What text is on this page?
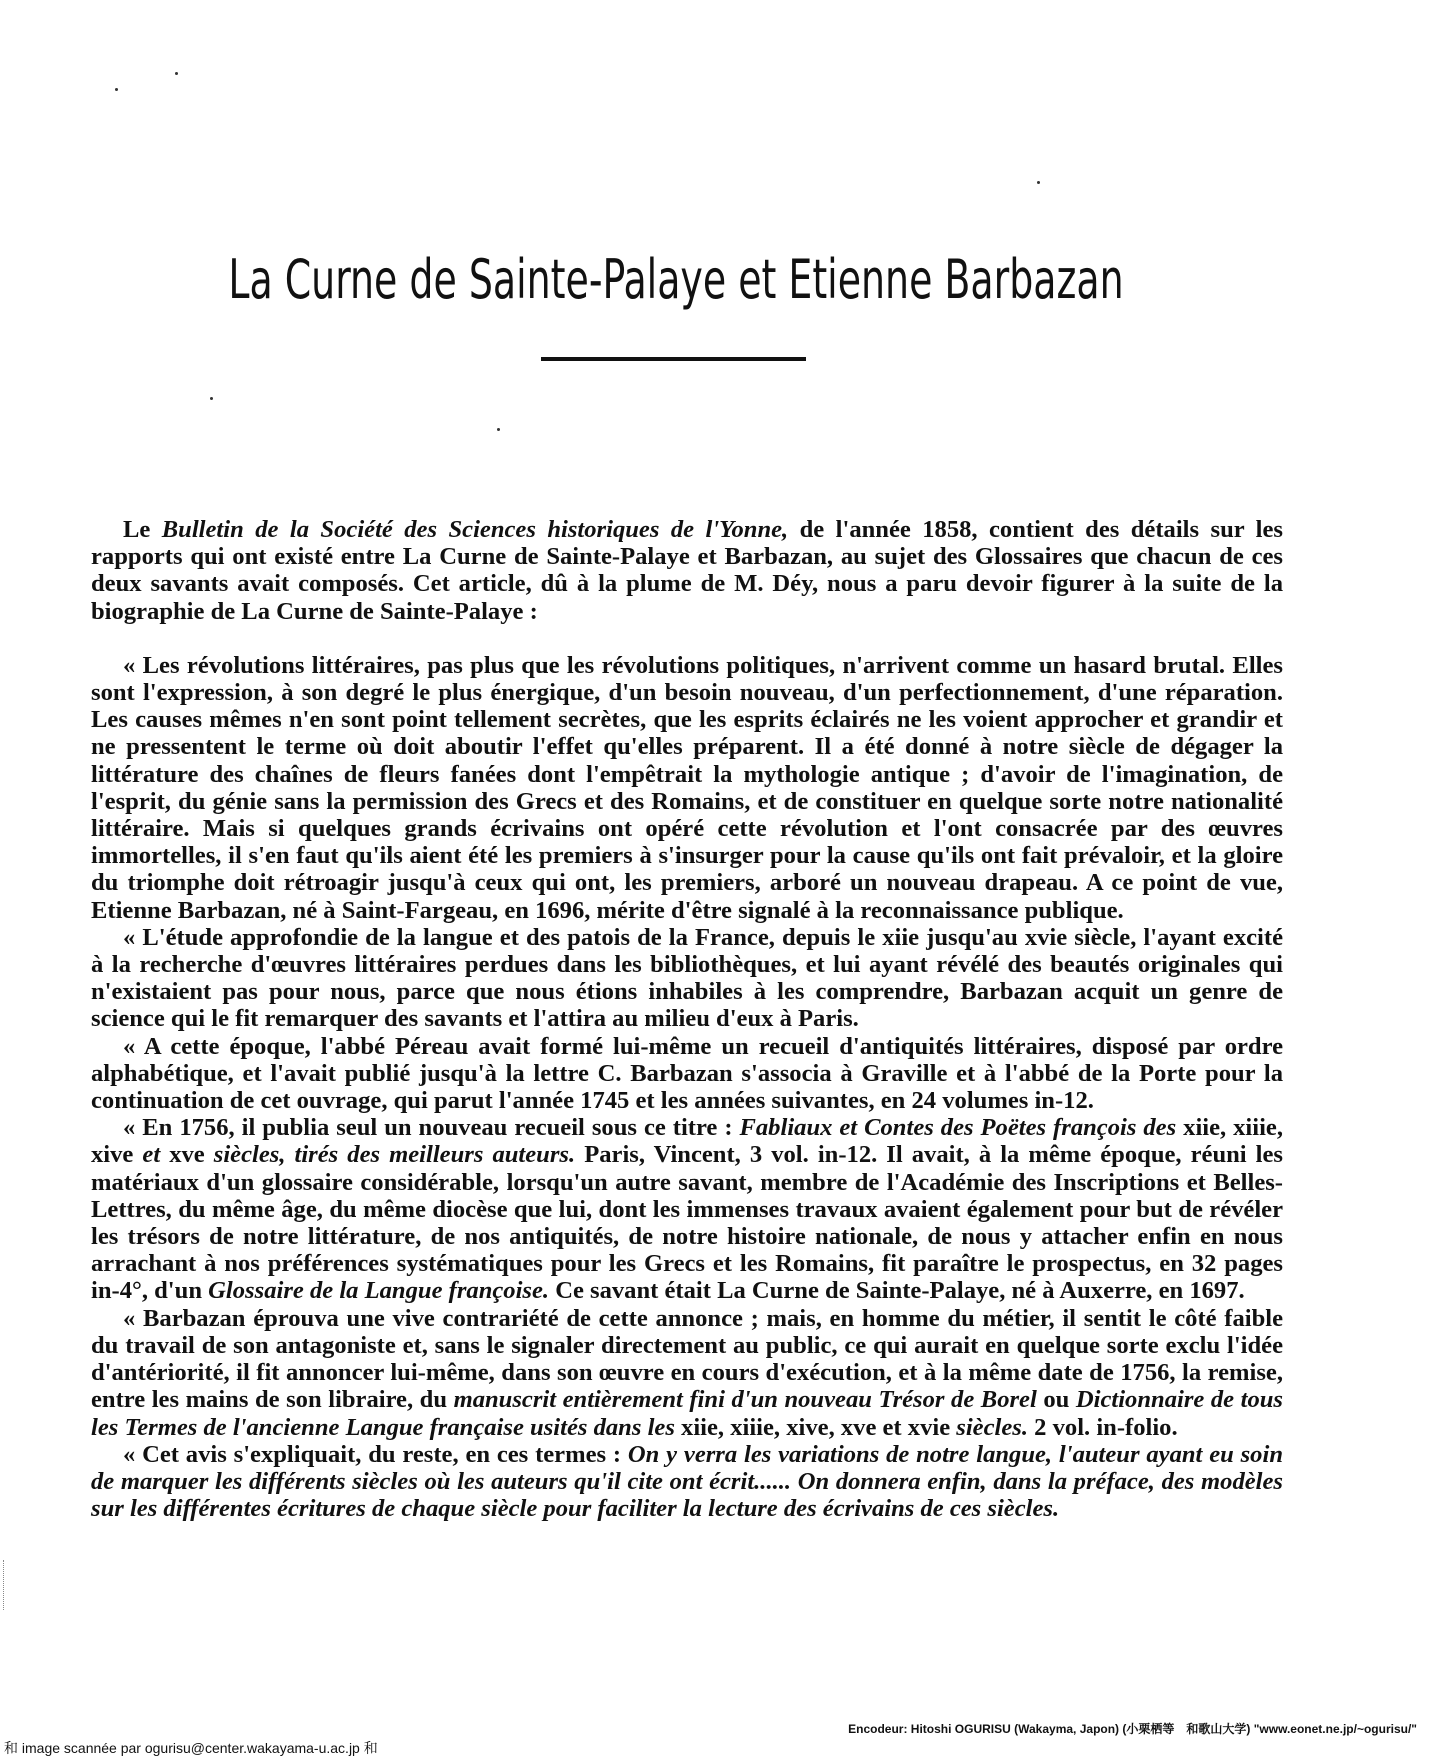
La Curne de Sainte-Palaye et Etienne Barbazan

Le Bulletin de la Société des Sciences historiques de l'Yonne, de l'année 1858, contient des détails sur les rapports qui ont existé entre La Curne de Sainte-Palaye et Barbazan, au sujet des Glossaires que chacun de ces deux savants avait composés. Cet article, dû à la plume de M. Déy, nous a paru devoir figurer à la suite de la biographie de La Curne de Sainte-Palaye :

« Les révolutions littéraires, pas plus que les révolutions politiques, n'arrivent comme un hasard brutal. Elles sont l'expression, à son degré le plus énergique, d'un besoin nouveau, d'un perfectionnement, d'une réparation. Les causes mêmes n'en sont point tellement secrètes, que les esprits éclairés ne les voient approcher et grandir et ne pressentent le terme où doit aboutir l'effet qu'elles préparent. Il a été donné à notre siècle de dégager la littérature des chaînes de fleurs fanées dont l'empêtrait la mythologie antique ; d'avoir de l'imagination, de l'esprit, du génie sans la permission des Grecs et des Romains, et de constituer en quelque sorte notre nationalité littéraire. Mais si quelques grands écrivains ont opéré cette révolution et l'ont consacrée par des œuvres immortelles, il s'en faut qu'ils aient été les premiers à s'insurger pour la cause qu'ils ont fait prévaloir, et la gloire du triomphe doit rétroagir jusqu'à ceux qui ont, les premiers, arboré un nouveau drapeau. A ce point de vue, Etienne Barbazan, né à Saint-Fargeau, en 1696, mérite d'être signalé à la reconnaissance publique.

« L'étude approfondie de la langue et des patois de la France, depuis le xiie jusqu'au xvie siècle, l'ayant excité à la recherche d'œuvres littéraires perdues dans les bibliothèques, et lui ayant révélé des beautés originales qui n'existaient pas pour nous, parce que nous étions inhabiles à les comprendre, Barbazan acquit un genre de science qui le fit remarquer des savants et l'attira au milieu d'eux à Paris.

« A cette époque, l'abbé Péreau avait formé lui-même un recueil d'antiquités littéraires, disposé par ordre alphabétique, et l'avait publié jusqu'à la lettre C. Barbazan s'associa à Graville et à l'abbé de la Porte pour la continuation de cet ouvrage, qui parut l'année 1745 et les années suivantes, en 24 volumes in-12.

« En 1756, il publia seul un nouveau recueil sous ce titre : Fabliaux et Contes des Poëtes françois des xiie, xiiie, xive et xve siècles, tirés des meilleurs auteurs. Paris, Vincent, 3 vol. in-12. Il avait, à la même époque, réuni les matériaux d'un glossaire considérable, lorsqu'un autre savant, membre de l'Académie des Inscriptions et Belles-Lettres, du même âge, du même diocèse que lui, dont les immenses travaux avaient également pour but de révéler les trésors de notre littérature, de nos antiquités, de notre histoire nationale, de nous y attacher enfin en nous arrachant à nos préférences systématiques pour les Grecs et les Romains, fit paraître le prospectus, en 32 pages in-4°, d'un Glossaire de la Langue françoise. Ce savant était La Curne de Sainte-Palaye, né à Auxerre, en 1697.

« Barbazan éprouva une vive contrariété de cette annonce ; mais, en homme du métier, il sentit le côté faible du travail de son antagoniste et, sans le signaler directement au public, ce qui aurait en quelque sorte exclu l'idée d'antériorité, il fit annoncer lui-même, dans son œuvre en cours d'exécution, et à la même date de 1756, la remise, entre les mains de son libraire, du manuscrit entièrement fini d'un nouveau Trésor de Borel ou Dictionnaire de tous les Termes de l'ancienne Langue française usités dans les xiie, xiiie, xive, xve et xvie siècles. 2 vol. in-folio.

« Cet avis s'expliquait, du reste, en ces termes : On y verra les variations de notre langue, l'auteur ayant eu soin de marquer les différents siècles où les auteurs qu'il cite ont écrit...... On donnera enfin, dans la préface, des modèles sur les différentes écritures de chaque siècle pour faciliter la lecture des écrivains de ces siècles.

Encodeur: Hitoshi OGURISU (Wakayma, Japon) (小栗栖等　和歌山大学) "www.eonet.ne.jp/~ogurisu/"
和 image scannée par ogurisu@center.wakayama-u.ac.jp 和
